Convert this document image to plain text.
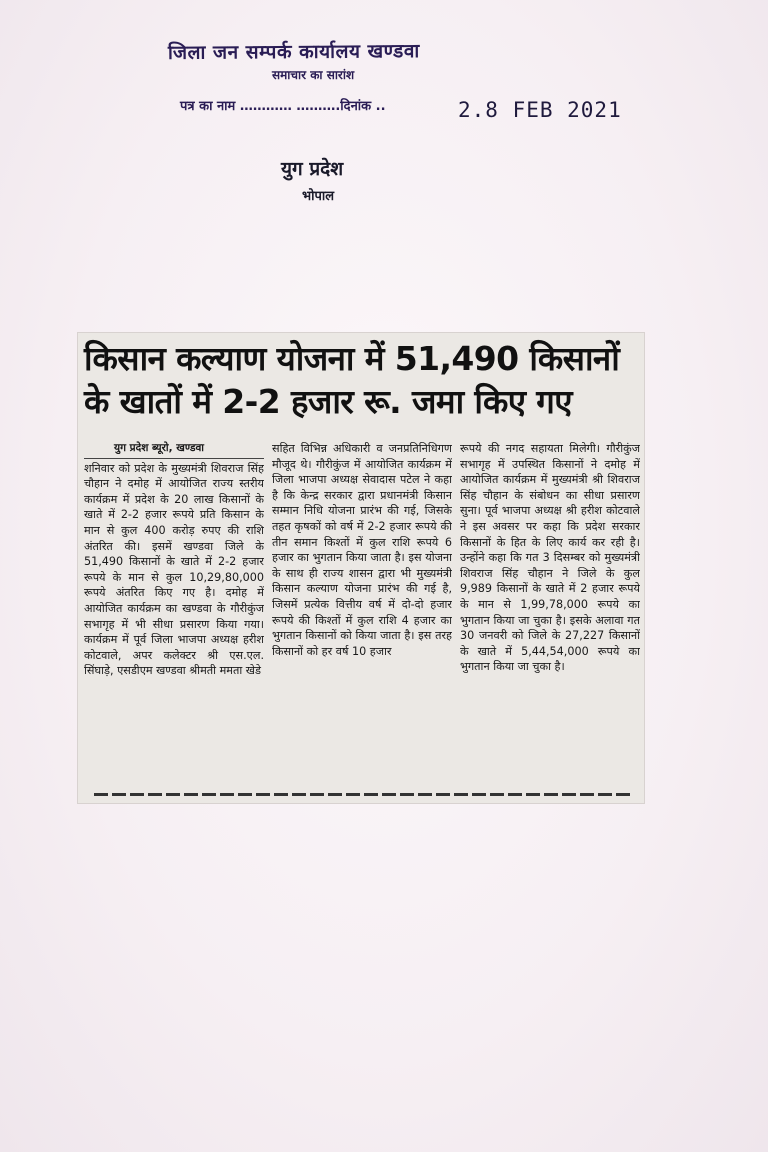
जिला जन सम्पर्क कार्यालय खण्डवा
समाचार का सारांश
पत्र का नाम ………… ……….दिनांक ..	2.8 FEB 2021
युग प्रदेश
भोपाल
किसान कल्याण योजना में 51,490 किसानों के खातों में 2-2 हजार रू. जमा किए गए
युग प्रदेश ब्यूरो, खण्डवा
शनिवार को प्रदेश के मुख्यमंत्री शिवराज सिंह चौहान ने दमोह में आयोजित राज्य स्तरीय कार्यक्रम में प्रदेश के 20 लाख किसानों के खाते में 2-2 हजार रूपये प्रति किसान के मान से कुल 400 करोड़ रुपए की राशि अंतरित की। इसमें खण्डवा जिले के 51,490 किसानों के खाते में 2-2 हजार रूपये के मान से कुल 10,29,80,000 रूपये अंतरित किए गए है। दमोह में आयोजित कार्यक्रम का खण्डवा के गौरीकुंज सभागृह में भी सीधा प्रसारण किया गया। कार्यक्रम में पूर्व जिला भाजपा अध्यक्ष हरीश कोटवाले, अपर कलेक्टर श्री एस.एल. सिंघाड़े, एसडीएम खण्डवा श्रीमती ममता खेडे
सहित विभिन्न अधिकारी व जनप्रतिनिधिगण मौजूद थे। गौरीकुंज में आयोजित कार्यक्रम में जिला भाजपा अध्यक्ष सेवादास पटेल ने कहा है कि केन्द्र सरकार द्वारा प्रधानमंत्री किसान सम्मान निधि योजना प्रारंभ की गई, जिसके तहत कृषकों को वर्ष में 2-2 हजार रूपये की तीन समान किश्तों में कुल राशि रूपये 6 हजार का भुगतान किया जाता है। इस योजना के साथ ही राज्य शासन द्वारा भी मुख्यमंत्री किसान कल्याण योजना प्रारंभ की गई है, जिसमें प्रत्येक वित्तीय वर्ष में दो-दो हजार रूपये की किश्तों में कुल राशि 4 हजार का भुगतान किसानों को किया जाता है। इस तरह किसानों को हर वर्ष 10 हजार
रूपये की नगद सहायता मिलेगी। गौरीकुंज सभागृह में उपस्थित किसानों ने दमोह में आयोजित कार्यक्रम में मुख्यमंत्री श्री शिवराज सिंह चौहान के संबोधन का सीधा प्रसारण सुना। पूर्व भाजपा अध्यक्ष श्री हरीश कोटवाले ने इस अवसर पर कहा कि प्रदेश सरकार किसानों के हित के लिए कार्य कर रही है। उन्होंने कहा कि गत 3 दिसम्बर को मुख्यमंत्री शिवराज सिंह चौहान ने जिले के कुल 9,989 किसानों के खाते में 2 हजार रूपये के मान से 1,99,78,000 रूपये का भुगतान किया जा चुका है। इसके अलावा गत 30 जनवरी को जिले के 27,227 किसानों के खाते में 5,44,54,000 रूपये का भुगतान किया जा चुका है।
